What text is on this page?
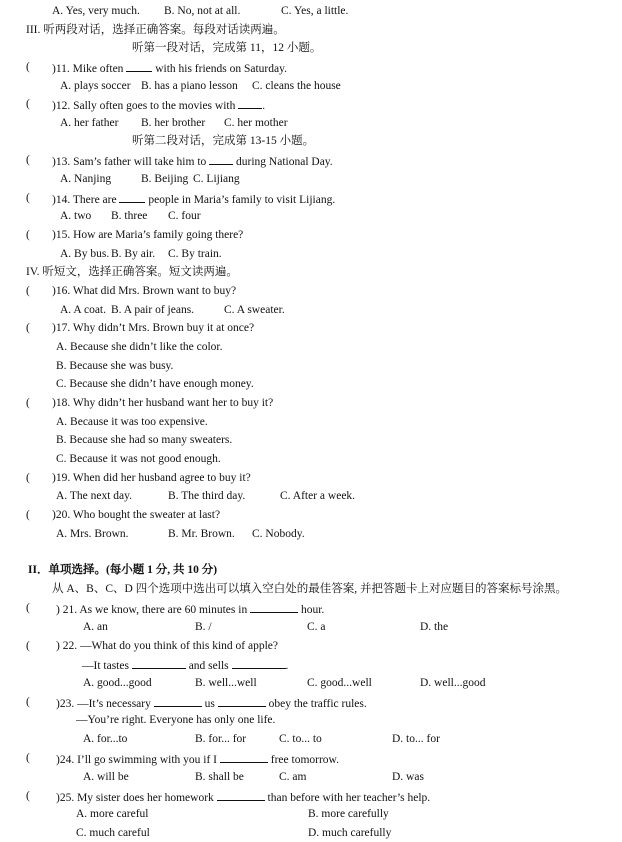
A. Yes, very much. B. No, not at all.	C. Yes, a little.
III. 听两段对话，选择正确答案。每段对话读两遍。
听第一段对话，完成第 11，12 小题。
( )11. Mike often  with his friends on Saturday.
A. plays soccer B. has a piano lesson C. cleans the house
( )12. Sally often goes to the movies with .
A. her father B. her brother C. her mother
听第二段对话，完成第 13-15 小题。
( )13. Sam’s father will take him to  during National Day.
A. Nanjing	B. Beijing C. Lijiang
( )14. There are  people in Maria’s family to visit Lijiang.
A. two B. three C. four
( )15. How are Maria’s family going there?
A. By bus. B. By air. C. By train.
IV. 听短文，选择正确答案。短文读两遍。
( )16. What did Mrs. Brown want to buy?
A. A coat. B. A pair of jeans.	C. A sweater.
( )17. Why didn’t Mrs. Brown buy it at once?
A. Because she didn’t like the color.
B. Because she was busy.
C. Because she didn’t have enough money.
( )18. Why didn’t her husband want her to buy it?
A. Because it was too expensive.
B. Because she had so many sweaters.
C. Because it was not good enough.
( )19. When did her husband agree to buy it?
A. The next day.	B. The third day.	C. After a week.
( )20. Who bought the sweater at last?
A. Mrs. Brown.	B. Mr. Brown. C. Nobody.
II．单项选择。(每小题 1 分, 共 10 分)
从 A、B、C、D 四个选项中选出可以填入空白处的最佳答案, 并把答题卡上对应题目的答案标号涂黑。
( ) 21. As we know, there are 60 minutes in	hour.
A. an	B. /	C. a	D. the
( ) 22. —What do you think of this kind of apple?
—It tastes	and sells	.
A. good...good	B. well...well	C. good...well	D. well...good
( )23. —It’s necessary	us	obey the traffic rules.
—You’re right. Everyone has only one life.
A. for...to	B. for... for	C. to... to	D. to... for
( )24. I’ll go swimming with you if I	free tomorrow.
A. will be	B. shall be	C. am	D. was
( )25. My sister does her homework	than before with her teacher’s help.
A. more careful	B. more carefully
C. much careful	D. much carefully
